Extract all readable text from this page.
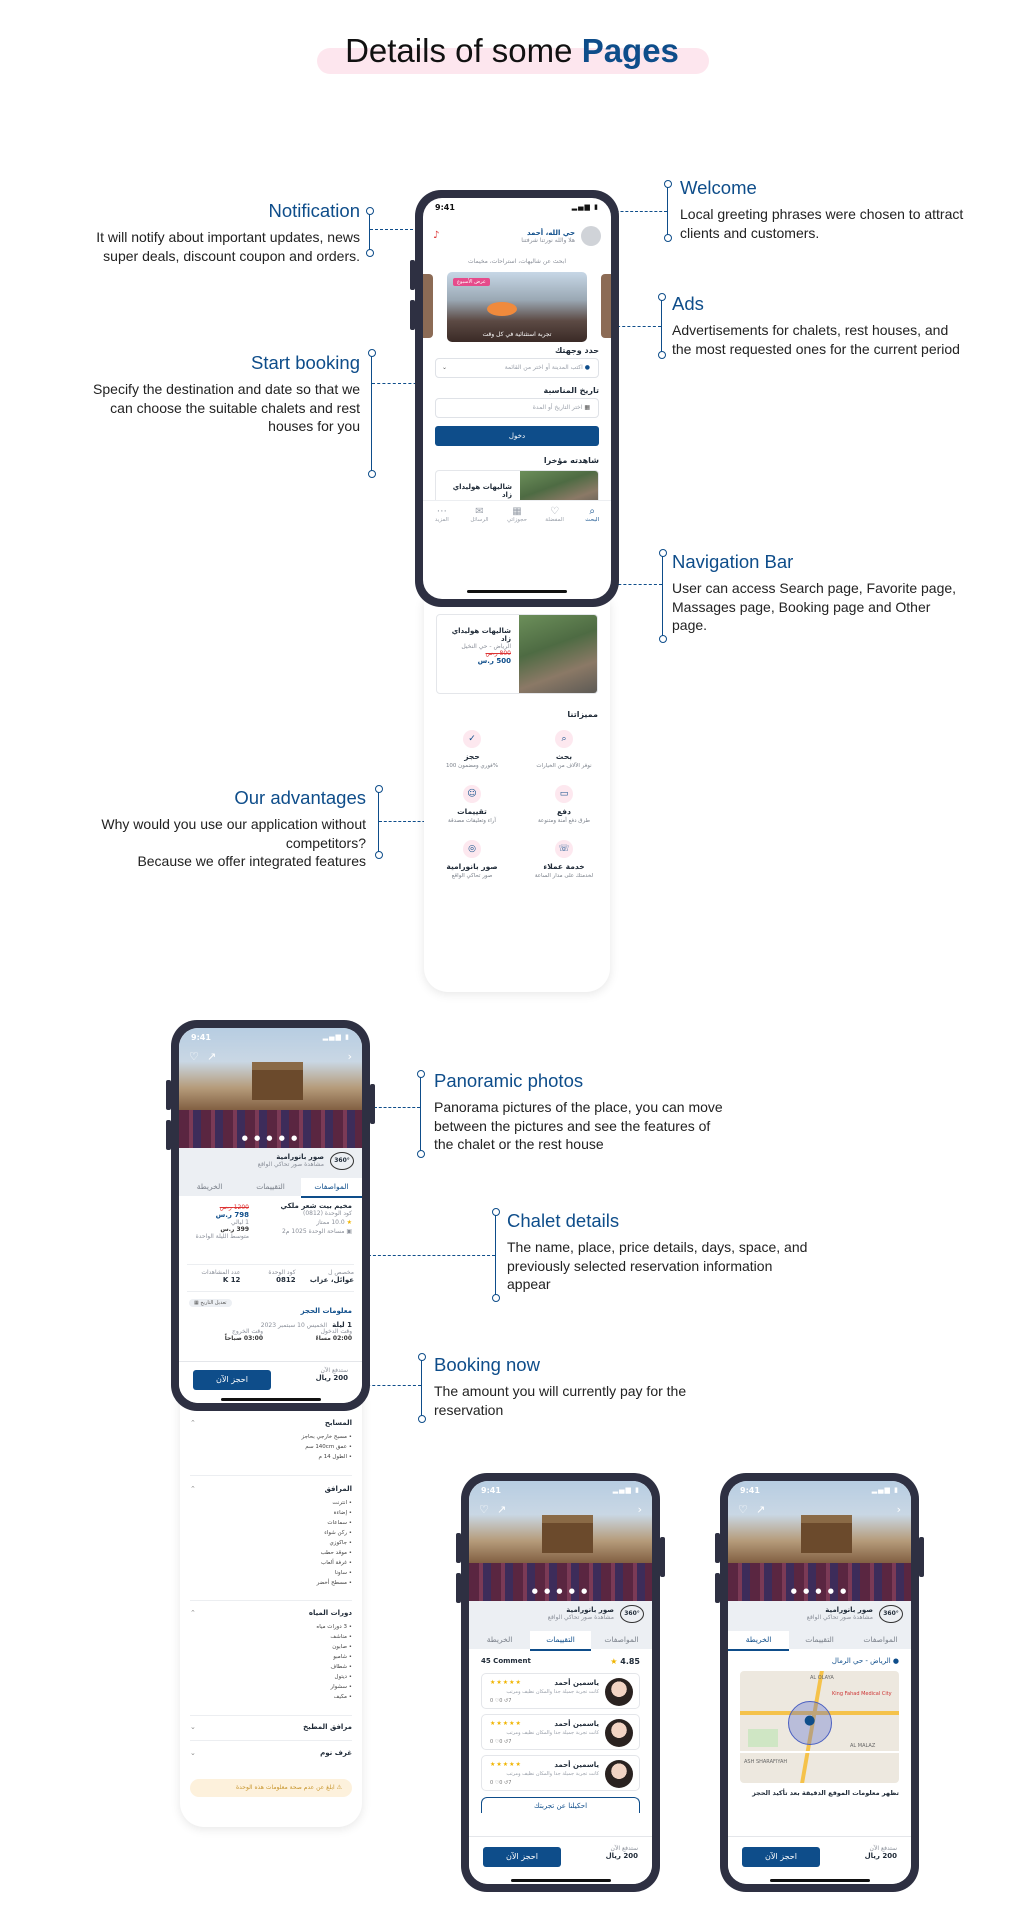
Details of some Pages
Notification
It will notify about important updates, news
super deals, discount coupon and orders.
Welcome
Local greeting phrases were chosen to attract
clients and customers.
Ads
Advertisements for chalets, rest houses, and
the most requested ones for the current period
Start booking
Specify the destination and date so that we
can choose the suitable chalets and rest
houses for you
Navigation Bar
User can access Search page, Favorite page,
Massages page, Booking page and Other
page.
Our advantages
Why would you use our application without
competitors?
Because we offer integrated features
Panoramic photos
Panorama pictures of the place, you can move
between the pictures and see the features of
the chalet or the rest house
Chalet details
The name, place, price details, days, space, and
previously selected reservation information
appear
Booking now
The amount you will currently pay for the
reservation
شاليهات هوليداي زاد
الرياض - حي النخيل
800 ر.س
500 ر.س
مميزاتنا
⌕
بحث
نوفر الآلاف من الخيارات
✓
حجز
فوري ومضمون 100%
▭
دفع
طرق دفع آمنة ومتنوعة
☺
تقييمات
آراء وتعليقات مصدقة
☏
خدمة عملاء
لخدمتك على مدار الساعة
◎
صور بانورامية
صور تحاكي الواقع
9:41	▂▄▆ ▮
♪	حي الله، أحمد
هلا والله نورتنا شرفتنا
ابحث عن شاليهات، استراحات، مخيمات
عرض الأسبوع
تجربة استثنائية في كل وقت
حدد وجهتك
● اكتب المدينة أو اختر من القائمة
⌄
تاريخ المناسبة
▦ اختر التاريخ أو المدة
دخول
شاهدته مؤخرا
شاليهات هوليداي زاد
⌕
البحث
♡
المفضلة
▦
حجوزاتي
✉
الرسائل
⋯
المزيد
⌃	المسابح
• مسبح خارجي بحاجز
• عمق 140cm سم
• الطول 14 م
⌃	المرافق
• انترنت
• إضاءة
• سماعات
• ركن شواء
• جاكوزي
• موقد حطب
• غرفة ألعاب
• ساونا
• مسطح أخضر
⌃	دورات المياه
• 3 دورات مياه
• مناشف
• صابون
• شامبو
• شطاف
• ديتول
• سشوار
• مكيف
⌄	مرافق المطبخ
⌄	غرف نوم
⚠ ابلغ عن عدم صحة معلومات هذه الوحدة
● ● ● ● ●
9:41	▂▄▆ ▮
♡ ↗	›
360°
صور بانورامية
مشاهدة صور تحاكي الواقع
المواصفات
التقييمات
الخريطة
مخيم بيت شعر ملكي
كود الوحدة (0812)
★ 10.0 ممتاز
▣ مساحة الوحدة 1025 م2
1200 ر.س
798 ر.س
1 ليالي
399 ر.س
متوسط الليلة الواحدة
مخصص ل
عوائل، عزاب
كود الوحدة
0812
عدد المشاهدات
12 K
معلومات الحجز
▦ تعديل التاريخ
1 ليلة الخميس 10 سبتمبر 2023
وقت الدخول
02:00 مساءً
وقت الخروج
03:00 صباحاً
احجز الآن
ستدفع الآن
200 ريال
● ● ● ● ●
9:41	▂▄▆ ▮
♡ ↗	›
360°
صور بانورامية
مشاهدة صور تحاكي الواقع
المواصفات
التقييمات
الخريطة
45 Comment	★ 4.85
ياسمين أحمد
★★★★★
كانت تجربة جميلة جدا والمكان نظيف ومرتب
0 ♡0 ↺7
ياسمين أحمد
★★★★★
كانت تجربة جميلة جدا والمكان نظيف ومرتب
0 ♡0 ↺7
ياسمين أحمد
★★★★★
كانت تجربة جميلة جدا والمكان نظيف ومرتب
0 ♡0 ↺7
احكيلنا عن تجربتك
احجز الآن
ستدفع الآن
200 ريال
● ● ● ● ●
9:41	▂▄▆ ▮
♡ ↗	›
360°
صور بانورامية
مشاهدة صور تحاكي الواقع
المواصفات
التقييمات
الخريطة
● الرياض - حي الرمال
●
AL OLAYA
King Fahad Medical City
AL MALAZ
ASH SHARAFIYAH
تظهر معلومات الموقع الدقيقة بعد تأكيد الحجز
احجز الآن
ستدفع الآن
200 ريال
